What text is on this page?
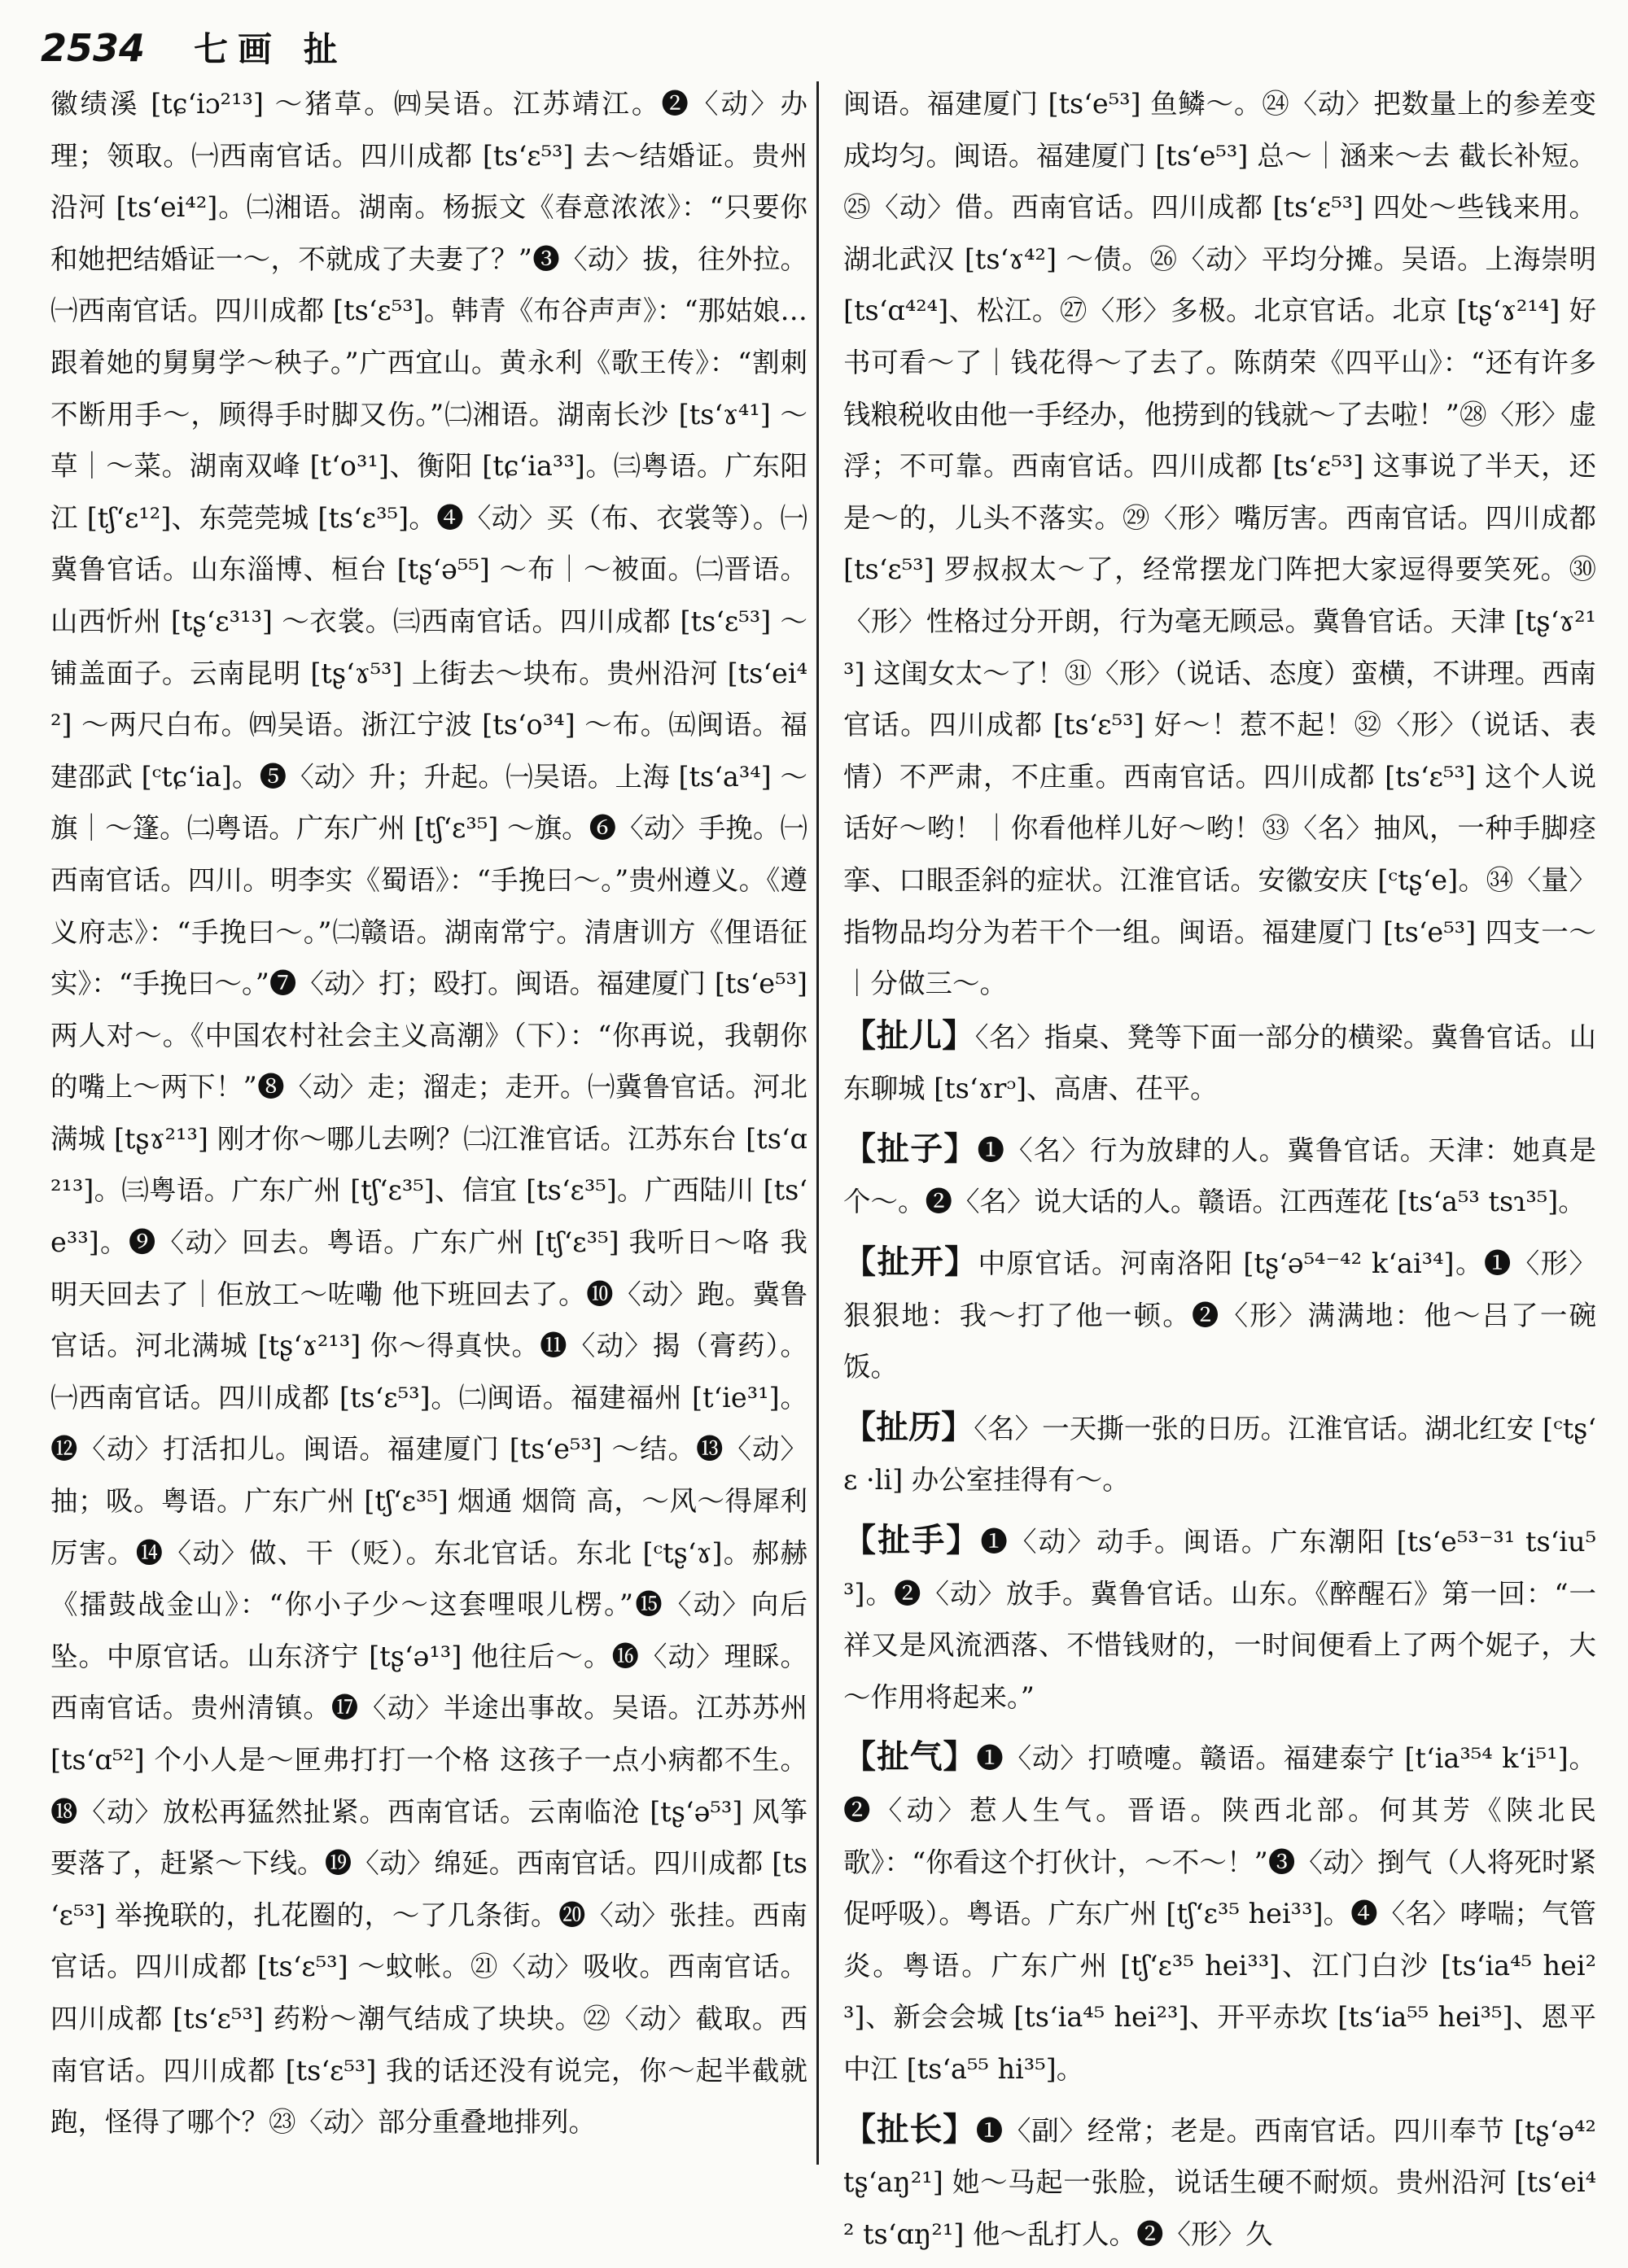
2534 七画 扯

徽绩溪 [tɕʻiɔ²¹³] ～猪草。㈣吴语。江苏靖江。❷〈动〉办理；领取。㈠西南官话。四川成都 [tsʻɛ⁵³] 去～结婚证。贵州沿河 [tsʻei⁴²]。㈡湘语。湖南。杨振文《春意浓浓》：“只要你和她把结婚证一～，不就成了夫妻了？”❸〈动〉拔，往外拉。㈠西南官话。四川成都 [tsʻɛ⁵³]。韩青《布谷声声》：“那姑娘…跟着她的舅舅学～秧子。”广西宜山。黄永利《歌王传》：“割刺不断用手～，顾得手时脚又伤。”㈡湘语。湖南长沙 [tsʻɤ⁴¹] ～草｜～菜。湖南双峰 [tʻo³¹]、衡阳 [tɕʻia³³]。㈢粤语。广东阳江 [tʃʻɛ¹²]、东莞莞城 [tsʻɛ³⁵]。❹〈动〉买（布、衣裳等）。㈠冀鲁官话。山东淄博、桓台 [tʂʻə⁵⁵] ～布｜～被面。㈡晋语。山西忻州 [tʂʻɛ³¹³] ～衣裳。㈢西南官话。四川成都 [tsʻɛ⁵³] ～铺盖面子。云南昆明 [tʂʻɤ⁵³] 上街去～块布。贵州沿河 [tsʻei⁴²] ～两尺白布。㈣吴语。浙江宁波 [tsʻo³⁴] ～布。㈤闽语。福建邵武 [ᶜtɕʻia]。❺〈动〉升；升起。㈠吴语。上海 [tsʻa³⁴] ～旗｜～篷。㈡粤语。广东广州 [tʃʻɛ³⁵] ～旗。❻〈动〉手挽。㈠西南官话。四川。明李实《蜀语》：“手挽曰～。”贵州遵义。《遵义府志》：“手挽曰～。”㈡赣语。湖南常宁。清唐训方《俚语征实》：“手挽曰～。”❼〈动〉打；殴打。闽语。福建厦门 [tsʻe⁵³] 两人对～。《中国农村社会主义高潮》（下）：“你再说，我朝你的嘴上～两下！”❽〈动〉走；溜走；走开。㈠冀鲁官话。河北满城 [tʂɤ²¹³] 刚才你～哪儿去咧？㈡江淮官话。江苏东台 [tsʻɑ²¹³]。㈢粤语。广东广州 [tʃʻɛ³⁵]、信宜 [tsʻɛ³⁵]。广西陆川 [tsʻe³³]。❾〈动〉回去。粤语。广东广州 [tʃʻɛ³⁵] 我听日～咯 我明天回去了｜佢放工～咗嘞 他下班回去了。❿〈动〉跑。冀鲁官话。河北满城 [tʂʻɤ²¹³] 你～得真快。⓫〈动〉揭（膏药）。㈠西南官话。四川成都 [tsʻɛ⁵³]。㈡闽语。福建福州 [tʻie³¹]。⓬〈动〉打活扣儿。闽语。福建厦门 [tsʻe⁵³] ～结。⓭〈动〉抽；吸。粤语。广东广州 [tʃʻɛ³⁵] 烟通 烟筒 高，～风～得犀利 厉害。⓮〈动〉做、干（贬）。东北官话。东北 [ᶜtʂʻɤ]。郝赫《擂鼓战金山》：“你小子少～这套哩哏儿楞。”⓯〈动〉向后坠。中原官话。山东济宁 [tʂʻə¹³] 他往后～。⓰〈动〉理睬。西南官话。贵州清镇。⓱〈动〉半途出事故。吴语。江苏苏州 [tsʻɑ⁵²] 个小人是～匣弗打打一个格 这孩子一点小病都不生。⓲〈动〉放松再猛然扯紧。西南官话。云南临沧 [tʂʻə⁵³] 风筝要落了，赶紧～下线。⓳〈动〉绵延。西南官话。四川成都 [tsʻɛ⁵³] 举挽联的，扎花圈的，～了几条街。⓴〈动〉张挂。西南官话。四川成都 [tsʻɛ⁵³] ～蚊帐。㉑〈动〉吸收。西南官话。四川成都 [tsʻɛ⁵³] 药粉～潮气结成了块块。㉒〈动〉截取。西南官话。四川成都 [tsʻɛ⁵³] 我的话还没有说完，你～起半截就跑，怪得了哪个？㉓〈动〉部分重叠地排列。

闽语。福建厦门 [tsʻe⁵³] 鱼鳞～。㉔〈动〉把数量上的参差变成均匀。闽语。福建厦门 [tsʻe⁵³] 总～｜涵来～去 截长补短。㉕〈动〉借。西南官话。四川成都 [tsʻɛ⁵³] 四处～些钱来用。湖北武汉 [tsʻɤ⁴²] ～债。㉖〈动〉平均分摊。吴语。上海崇明 [tsʻɑ⁴²⁴]、松江。㉗〈形〉多极。北京官话。北京 [tʂʻɤ²¹⁴] 好书可看～了｜钱花得～了去了。陈荫荣《四平山》：“还有许多钱粮税收由他一手经办，他捞到的钱就～了去啦！”㉘〈形〉虚浮；不可靠。西南官话。四川成都 [tsʻɛ⁵³] 这事说了半天，还是～的，儿头不落实。㉙〈形〉嘴厉害。西南官话。四川成都 [tsʻɛ⁵³] 罗叔叔太～了，经常摆龙门阵把大家逗得要笑死。㉚〈形〉性格过分开朗，行为毫无顾忌。冀鲁官话。天津 [tʂʻɤ²¹³] 这闺女太～了！㉛〈形〉（说话、态度）蛮横，不讲理。西南官话。四川成都 [tsʻɛ⁵³] 好～！惹不起！㉜〈形〉（说话、表情）不严肃，不庄重。西南官话。四川成都 [tsʻɛ⁵³] 这个人说话好～哟！｜你看他样儿好～哟！㉝〈名〉抽风，一种手脚痉挛、口眼歪斜的症状。江淮官话。安徽安庆 [ᶜtʂʻe]。㉞〈量〉指物品均分为若干个一组。闽语。福建厦门 [tsʻe⁵³] 四支一～｜分做三～。

【扯儿】〈名〉指桌、凳等下面一部分的横梁。冀鲁官话。山东聊城 [tsʻɤrᵓ]、高唐、茌平。
【扯子】❶〈名〉行为放肆的人。冀鲁官话。天津：她真是个～。❷〈名〉说大话的人。赣语。江西莲花 [tsʻa⁵³ tsɿ³⁵]。
【扯开】中原官话。河南洛阳 [tʂʻə⁵⁴⁻⁴² kʻai³⁴]。❶〈形〉狠狠地：我～打了他一顿。❷〈形〉满满地：他～吕了一碗饭。
【扯历】〈名〉一天撕一张的日历。江淮官话。湖北红安 [ᶜtʂʻɛ ·li] 办公室挂得有～。
【扯手】❶〈动〉动手。闽语。广东潮阳 [tsʻe⁵³⁻³¹ tsʻiu⁵³]。❷〈动〉放手。冀鲁官话。山东。《醉醒石》第一回：“一祥又是风流洒落、不惜钱财的，一时间便看上了两个妮子，大～作用将起来。”
【扯气】❶〈动〉打喷嚏。赣语。福建泰宁 [tʻia³⁵⁴ kʻi⁵¹]。❷〈动〉惹人生气。晋语。陕西北部。何其芳《陕北民歌》：“你看这个打伙计，～不～！”❸〈动〉捯气（人将死时紧促呼吸）。粤语。广东广州 [tʃʻɛ³⁵ hei³³]。❹〈名〉哮喘；气管炎。粤语。广东广州 [tʃʻɛ³⁵ hei³³]、江门白沙 [tsʻia⁴⁵ hei²³]、新会会城 [tsʻia⁴⁵ hei²³]、开平赤坎 [tsʻia⁵⁵ hei³⁵]、恩平中江 [tsʻa⁵⁵ hi³⁵]。
【扯长】❶〈副〉经常；老是。西南官话。四川奉节 [tʂʻə⁴² tʂʻaŋ²¹] 她～马起一张脸，说话生硬不耐烦。贵州沿河 [tsʻei⁴² tsʻɑŋ²¹] 他～乱打人。❷〈形〉久
